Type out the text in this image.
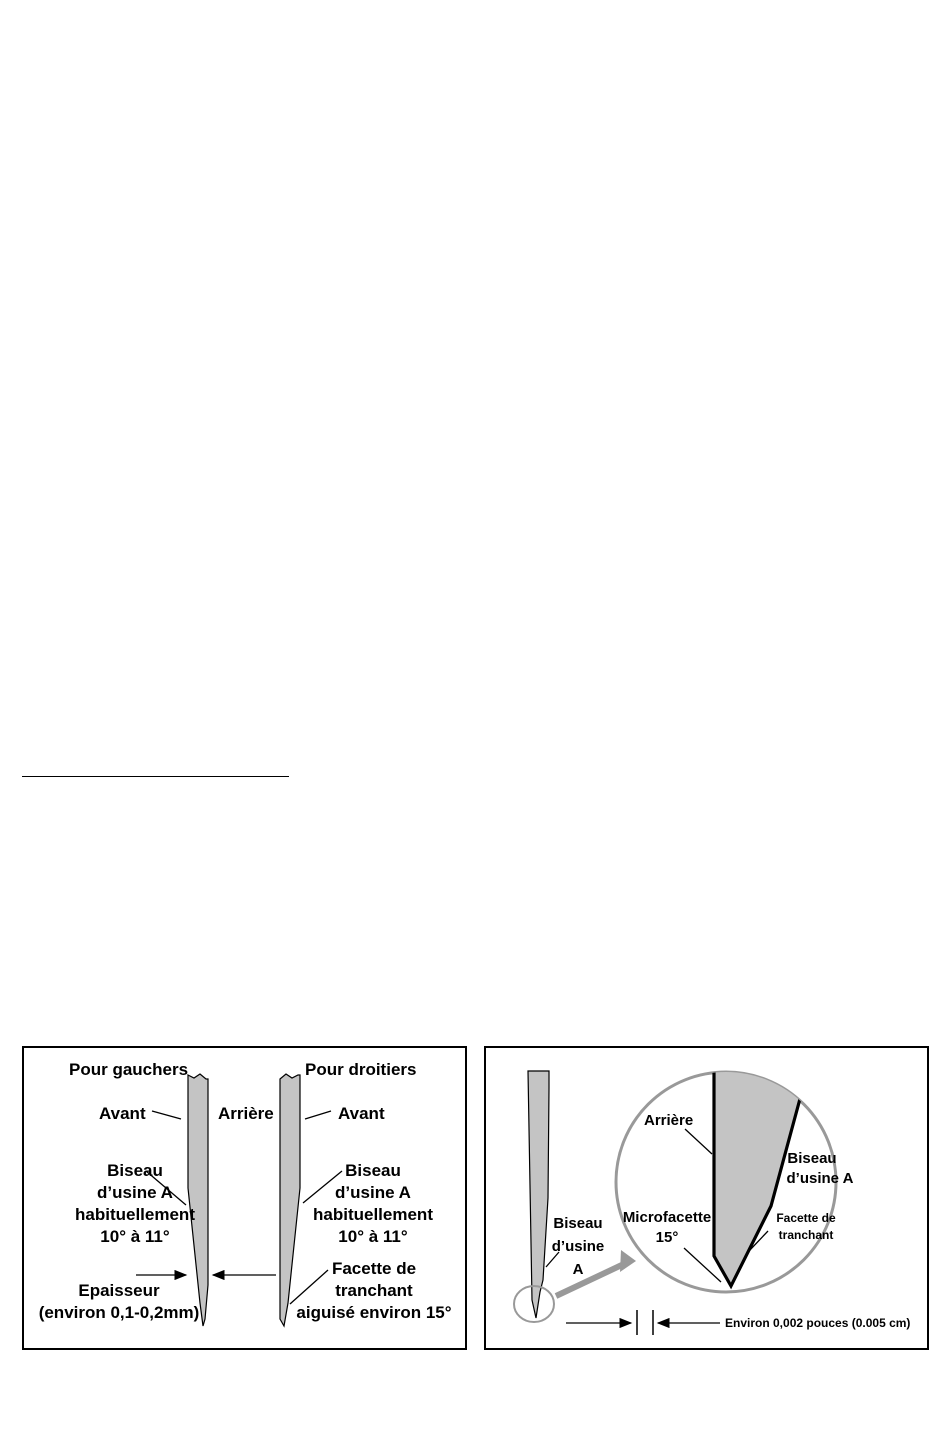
Pour gauchers	Pour droitiers
Avant	Arrière	Avant
Biseau
d’usine A
habituellement
10° à 11°
Biseau
d’usine A
habituellement
10° à 11°
Epaisseur
(environ 0,1-0,2mm)
Facette de
tranchant
aiguisé environ 15°
Arrière
Biseau
d’usine A
Biseau
d’usine
A
Microfacette
15°
Facette de
tranchant
Environ 0,002 pouces (0.005 cm)
